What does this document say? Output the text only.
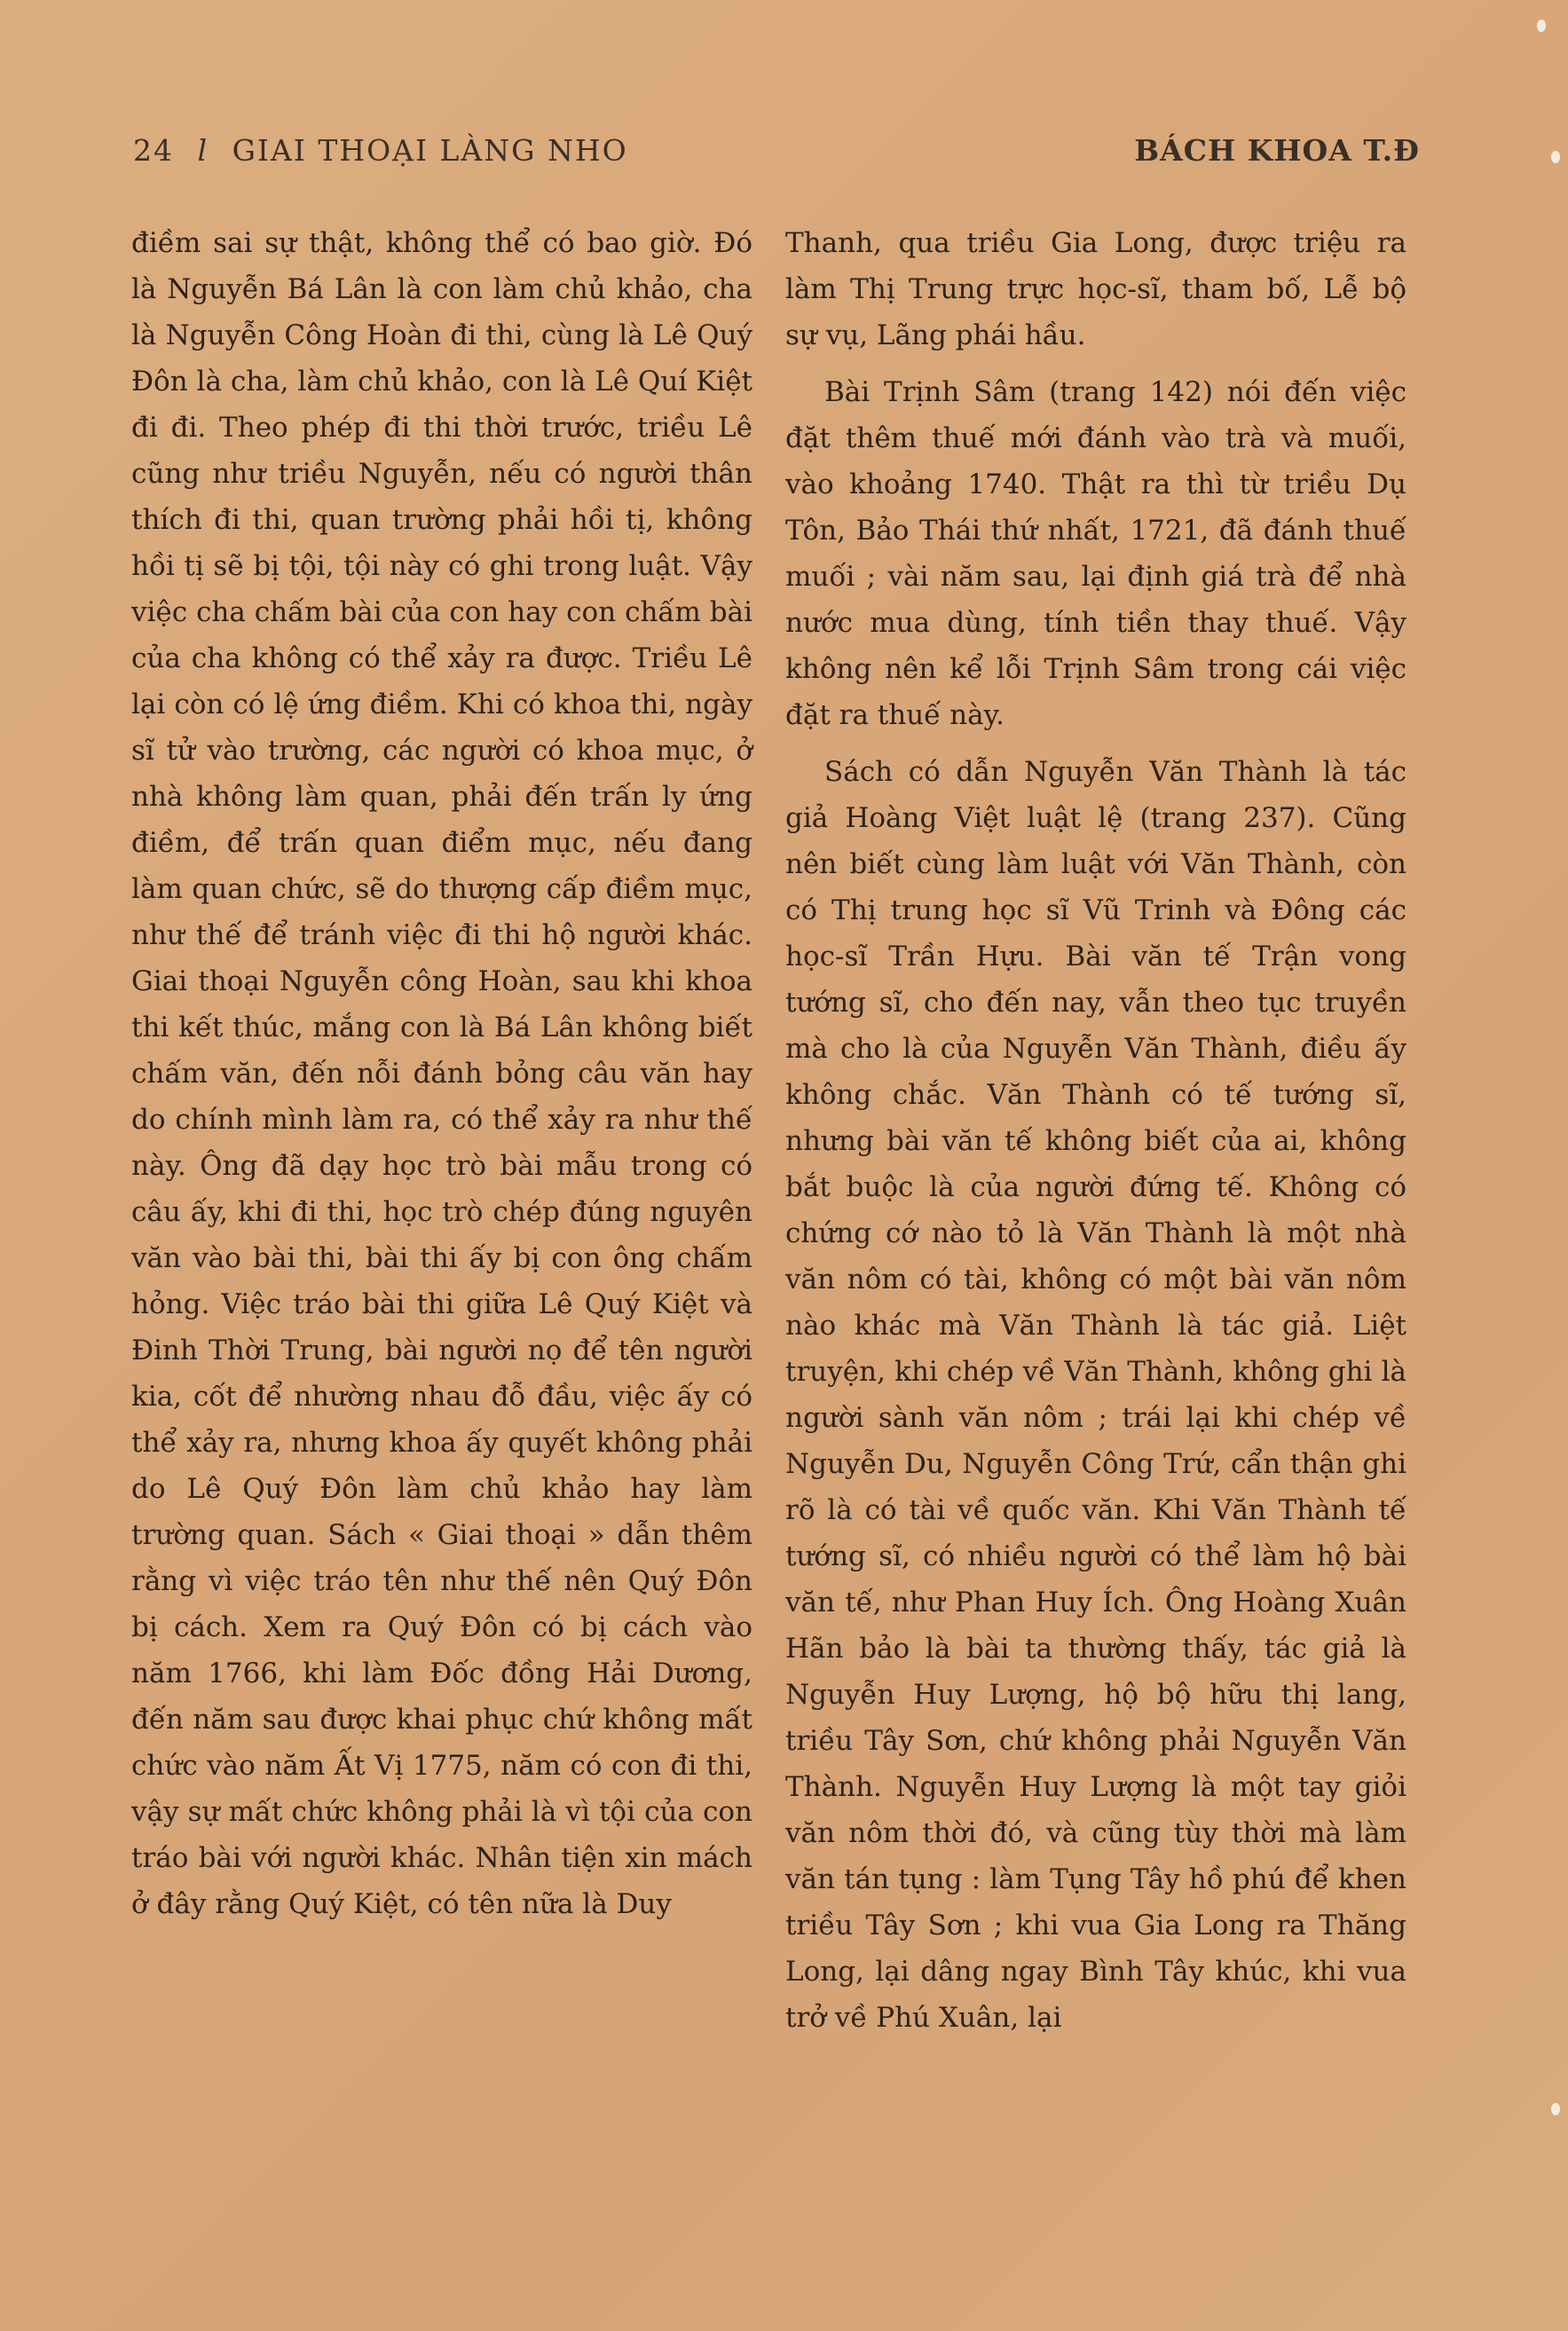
24 l GIAI THOẠI LÀNG NHO	BÁCH KHOA T.Đ

điềm sai sự thật, không thể có bao giờ. Đó là Nguyễn Bá Lân là con làm chủ khảo, cha là Nguyễn Công Hoàn đi thi, cùng là Lê Quý Đôn là cha, làm chủ khảo, con là Lê Quí Kiệt đi đi. Theo phép đi thi thời trước, triều Lê cũng như triều Nguyễn, nếu có người thân thích đi thi, quan trường phải hồi tị, không hồi tị sẽ bị tội, tội này có ghi trong luật. Vậy việc cha chấm bài của con hay con chấm bài của cha không có thể xảy ra được. Triều Lê lại còn có lệ ứng điềm. Khi có khoa thi, ngày sĩ tử vào trường, các người có khoa mục, ở nhà không làm quan, phải đến trấn ly ứng điềm, để trấn quan điểm mục, nếu đang làm quan chức, sẽ do thượng cấp điềm mục, như thế để tránh việc đi thi hộ người khác. Giai thoại Nguyễn công Hoàn, sau khi khoa thi kết thúc, mắng con là Bá Lân không biết chấm văn, đến nỗi đánh bỏng câu văn hay do chính mình làm ra, có thể xảy ra như thế này. Ông đã dạy học trò bài mẫu trong có câu ấy, khi đi thi, học trò chép đúng nguyên văn vào bài thi, bài thi ấy bị con ông chấm hỏng. Việc tráo bài thi giữa Lê Quý Kiệt và Đinh Thời Trung, bài người nọ để tên người kia, cốt để nhường nhau đỗ đầu, việc ấy có thể xảy ra, nhưng khoa ấy quyết không phải do Lê Quý Đôn làm chủ khảo hay làm trường quan. Sách « Giai thoại » dẫn thêm rằng vì việc tráo tên như thế nên Quý Đôn bị cách. Xem ra Quý Đôn có bị cách vào năm 1766, khi làm Đốc đồng Hải Dương, đến năm sau được khai phục chứ không mất chức vào năm Ất Vị 1775, năm có con đi thi, vậy sự mất chức không phải là vì tội của con tráo bài với người khác. Nhân tiện xin mách ở đây rằng Quý Kiệt, có tên nữa là Duy

Thanh, qua triều Gia Long, được triệu ra làm Thị Trung trực học-sĩ, tham bố, Lễ bộ sự vụ, Lãng phái hầu.

Bài Trịnh Sâm (trang 142) nói đến việc đặt thêm thuế mới đánh vào trà và muối, vào khoảng 1740. Thật ra thì từ triều Dụ Tôn, Bảo Thái thứ nhất, 1721, đã đánh thuế muối ; vài năm sau, lại định giá trà để nhà nước mua dùng, tính tiền thay thuế. Vậy không nên kể lỗi Trịnh Sâm trong cái việc đặt ra thuế này.

Sách có dẫn Nguyễn Văn Thành là tác giả Hoàng Việt luật lệ (trang 237). Cũng nên biết cùng làm luật với Văn Thành, còn có Thị trung học sĩ Vũ Trinh và Đông các học-sĩ Trần Hựu. Bài văn tế Trận vong tướng sĩ, cho đến nay, vẫn theo tục truyền mà cho là của Nguyễn Văn Thành, điều ấy không chắc. Văn Thành có tế tướng sĩ, nhưng bài văn tế không biết của ai, không bắt buộc là của người đứng tế. Không có chứng cớ nào tỏ là Văn Thành là một nhà văn nôm có tài, không có một bài văn nôm nào khác mà Văn Thành là tác giả. Liệt truyện, khi chép về Văn Thành, không ghi là người sành văn nôm ; trái lại khi chép về Nguyễn Du, Nguyễn Công Trứ, cẩn thận ghi rõ là có tài về quốc văn. Khi Văn Thành tế tướng sĩ, có nhiều người có thể làm hộ bài văn tế, như Phan Huy Ích. Ông Hoàng Xuân Hãn bảo là bài ta thường thấy, tác giả là Nguyễn Huy Lượng, hộ bộ hữu thị lang, triều Tây Sơn, chứ không phải Nguyễn Văn Thành. Nguyễn Huy Lượng là một tay giỏi văn nôm thời đó, và cũng tùy thời mà làm văn tán tụng : làm Tụng Tây hồ phú để khen triều Tây Sơn ; khi vua Gia Long ra Thăng Long, lại dâng ngay Bình Tây khúc, khi vua trở về Phú Xuân, lại
